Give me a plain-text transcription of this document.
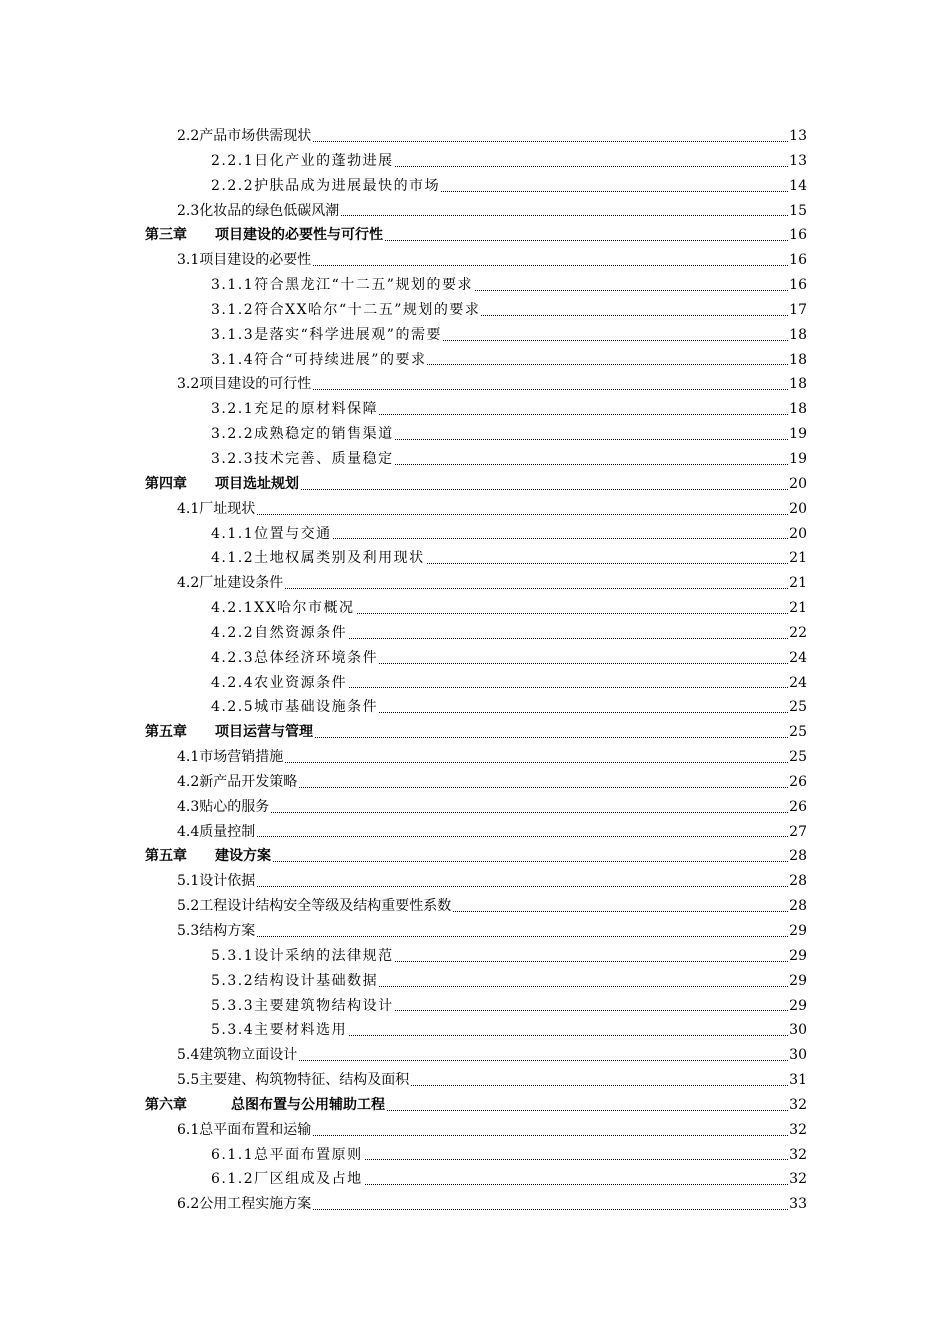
2.2产品市场供需现状	13
2.2.1日化产业的蓬勃进展	13
2.2.2护肤品成为进展最快的市场	14
2.3化妆品的绿色低碳风潮	15
第三章 项目建设的必要性与可行性	16
3.1项目建设的必要性	16
3.1.1符合黑龙江“十二五”规划的要求	16
3.1.2符合XX哈尔“十二五”规划的要求	17
3.1.3是落实“科学进展观”的需要	18
3.1.4符合“可持续进展”的要求	18
3.2项目建设的可行性	18
3.2.1充足的原材料保障	18
3.2.2成熟稳定的销售渠道	19
3.2.3技术完善、质量稳定	19
第四章 项目选址规划	20
4.1厂址现状	20
4.1.1位置与交通	20
4.1.2土地权属类别及利用现状	21
4.2厂址建设条件	21
4.2.1XX哈尔市概况	21
4.2.2自然资源条件	22
4.2.3总体经济环境条件	24
4.2.4农业资源条件	24
4.2.5城市基础设施条件	25
第五章 项目运营与管理	25
4.1市场营销措施	25
4.2新产品开发策略	26
4.3贴心的服务	26
4.4质量控制	27
第五章 建设方案	28
5.1设计依据	28
5.2工程设计结构安全等级及结构重要性系数	28
5.3结构方案	29
5.3.1设计采纳的法律规范	29
5.3.2结构设计基础数据	29
5.3.3主要建筑物结构设计	29
5.3.4主要材料选用	30
5.4建筑物立面设计	30
5.5主要建、构筑物特征、结构及面积	31
第六章	总图布置与公用辅助工程	32
6.1总平面布置和运输	32
6.1.1总平面布置原则	32
6.1.2厂区组成及占地	32
6.2公用工程实施方案	33
